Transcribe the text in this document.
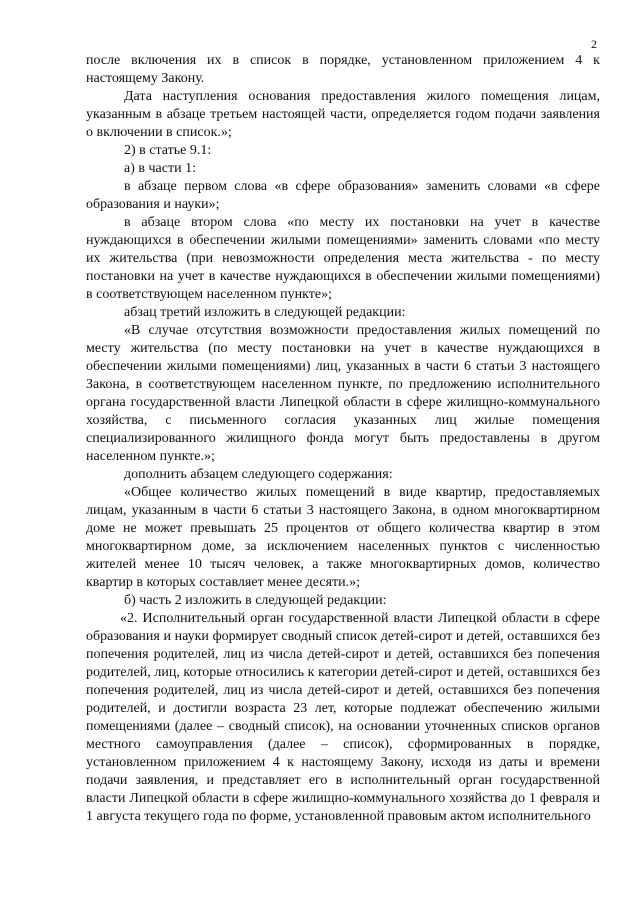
2

после включения их в список в порядке, установленном приложением 4 к настоящему Закону.

Дата наступления основания предоставления жилого помещения лицам, указанным в абзаце третьем настоящей части, определяется годом подачи заявления о включении в список.»;

2) в статье 9.1:

а) в части 1:

в абзаце первом слова «в сфере образования» заменить словами «в сфере образования и науки»;

в абзаце втором слова «по месту их постановки на учет в качестве нуждающихся в обеспечении жилыми помещениями» заменить словами «по месту их жительства (при невозможности определения места жительства - по месту постановки на учет в качестве нуждающихся в обеспечении жилыми помещениями) в соответствующем населенном пункте»;

абзац третий изложить в следующей редакции:

«В случае отсутствия возможности предоставления жилых помещений по месту жительства (по месту постановки на учет в качестве нуждающихся в обеспечении жилыми помещениями) лиц, указанных в части 6 статьи 3 настоящего Закона, в соответствующем населенном пункте, по предложению исполнительного органа государственной власти Липецкой области в сфере жилищно-коммунального хозяйства, с письменного согласия указанных лиц жилые помещения специализированного жилищного фонда могут быть предоставлены в другом населенном пункте.»;

дополнить абзацем следующего содержания:

«Общее количество жилых помещений в виде квартир, предоставляемых лицам, указанным в части 6 статьи 3 настоящего Закона, в одном многоквартирном доме не может превышать 25 процентов от общего количества квартир в этом многоквартирном доме, за исключением населенных пунктов с численностью жителей менее 10 тысяч человек, а также многоквартирных домов, количество квартир в которых составляет менее десяти.»;

б) часть 2 изложить в следующей редакции:

«2. Исполнительный орган государственной власти Липецкой области в сфере образования и науки формирует сводный список детей-сирот и детей, оставшихся без попечения родителей, лиц из числа детей-сирот и детей, оставшихся без попечения родителей, лиц, которые относились к категории детей-сирот и детей, оставшихся без попечения родителей, лиц из числа детей-сирот и детей, оставшихся без попечения родителей, и достигли возраста 23 лет, которые подлежат обеспечению жилыми помещениями (далее – сводный список), на основании уточненных списков органов местного самоуправления (далее – список), сформированных в порядке, установленном приложением 4 к настоящему Закону, исходя из даты и времени подачи заявления, и представляет его в исполнительный орган государственной власти Липецкой области в сфере жилищно-коммунального хозяйства до 1 февраля и 1 августа текущего года по форме, установленной правовым актом исполнительного
